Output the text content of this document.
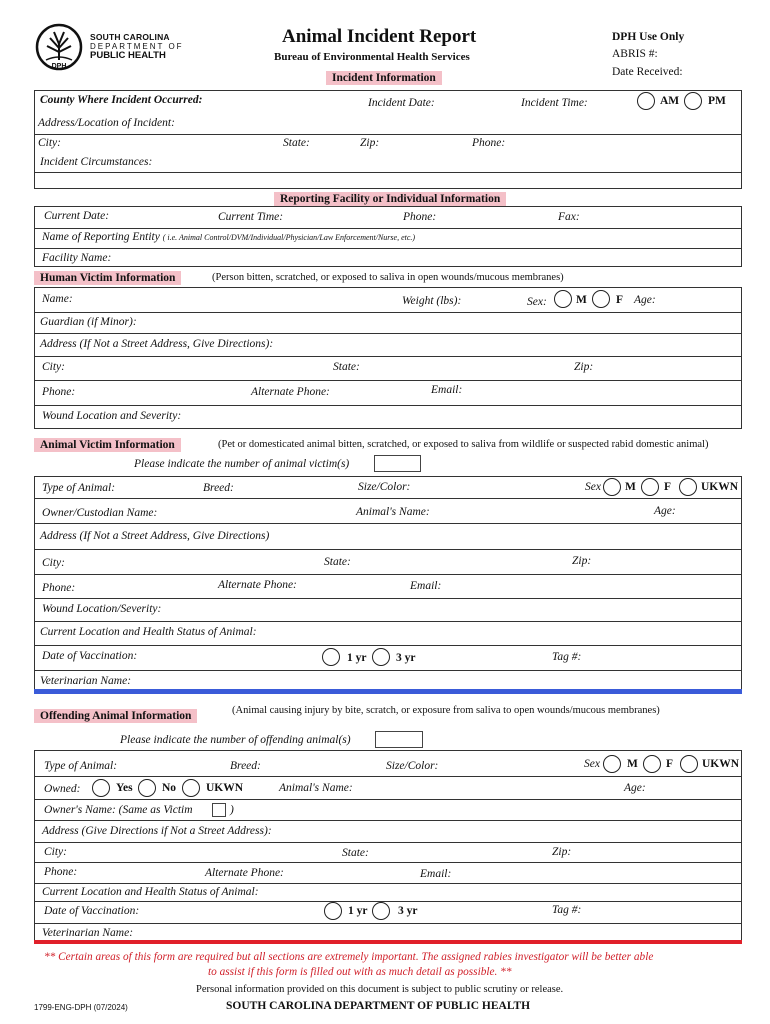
DPH
SOUTH CAROLINA
DEPARTMENT OF
PUBLIC HEALTH
Animal Incident Report
Bureau of Environmental Health Services
DPH Use Only
ABRIS #:
Date Received:
Incident Information
County Where Incident Occurred:	Incident Date:	Incident Time:	AM	PM
Address/Location of Incident:
City:	State:	Zip:	Phone:
Incident Circumstances:
Reporting Facility or Individual Information
Current Date:	Current Time:	Phone:	Fax:
Name of Reporting Entity ( i.e. Animal Control/DVM/Individual/Physician/Law Enforcement/Nurse, etc.)
Facility Name:
Human Victim Information	(Person bitten, scratched, or exposed to saliva in open wounds/mucous membranes)
Name:	Weight (lbs):	Sex:	M	F Age:
Guardian (if Minor):
Address (If Not a Street Address, Give Directions):
City:	State:	Zip:
Phone:	Alternate Phone:	Email:
Wound Location and Severity:
Animal Victim Information	(Pet or domesticated animal bitten, scratched, or exposed to saliva from wildlife or suspected rabid domestic animal)
Please indicate the number of animal victim(s)
Type of Animal:	Breed:	Size/Color:	Sex M F	UKWN
Owner/Custodian Name:	Animal's Name:	Age:
Address (If Not a Street Address, Give Directions)
City:	State:	Zip:
Phone:	Alternate Phone:	Email:
Wound Location/Severity:
Current Location and Health Status of Animal:
Date of Vaccination:	1 yr	3 yr	Tag #:
Veterinarian Name:
Offending Animal Information	(Animal causing injury by bite, scratch, or exposure from saliva to open wounds/mucous membranes)
Please indicate the number of offending animal(s)
Type of Animal:	Breed:	Size/Color:	Sex M F	UKWN
Owned:	Yes	No	UKWN	Animal's Name:	Age:
Owner's Name: (Same as Victim	)
Address (Give Directions if Not a Street Address):
City:	State:	Zip:
Phone:	Alternate Phone:	Email:
Current Location and Health Status of Animal:
Date of Vaccination:	1 yr	3 yr	Tag #:
Veterinarian Name:
** Certain areas of this form are required but all sections are extremely important. The assigned rabies investigator will be better able
to assist if this form is filled out with as much detail as possible. **
Personal information provided on this document is subject to public scrutiny or release.
1799-ENG-DPH (07/2024)	SOUTH CAROLINA DEPARTMENT OF PUBLIC HEALTH
